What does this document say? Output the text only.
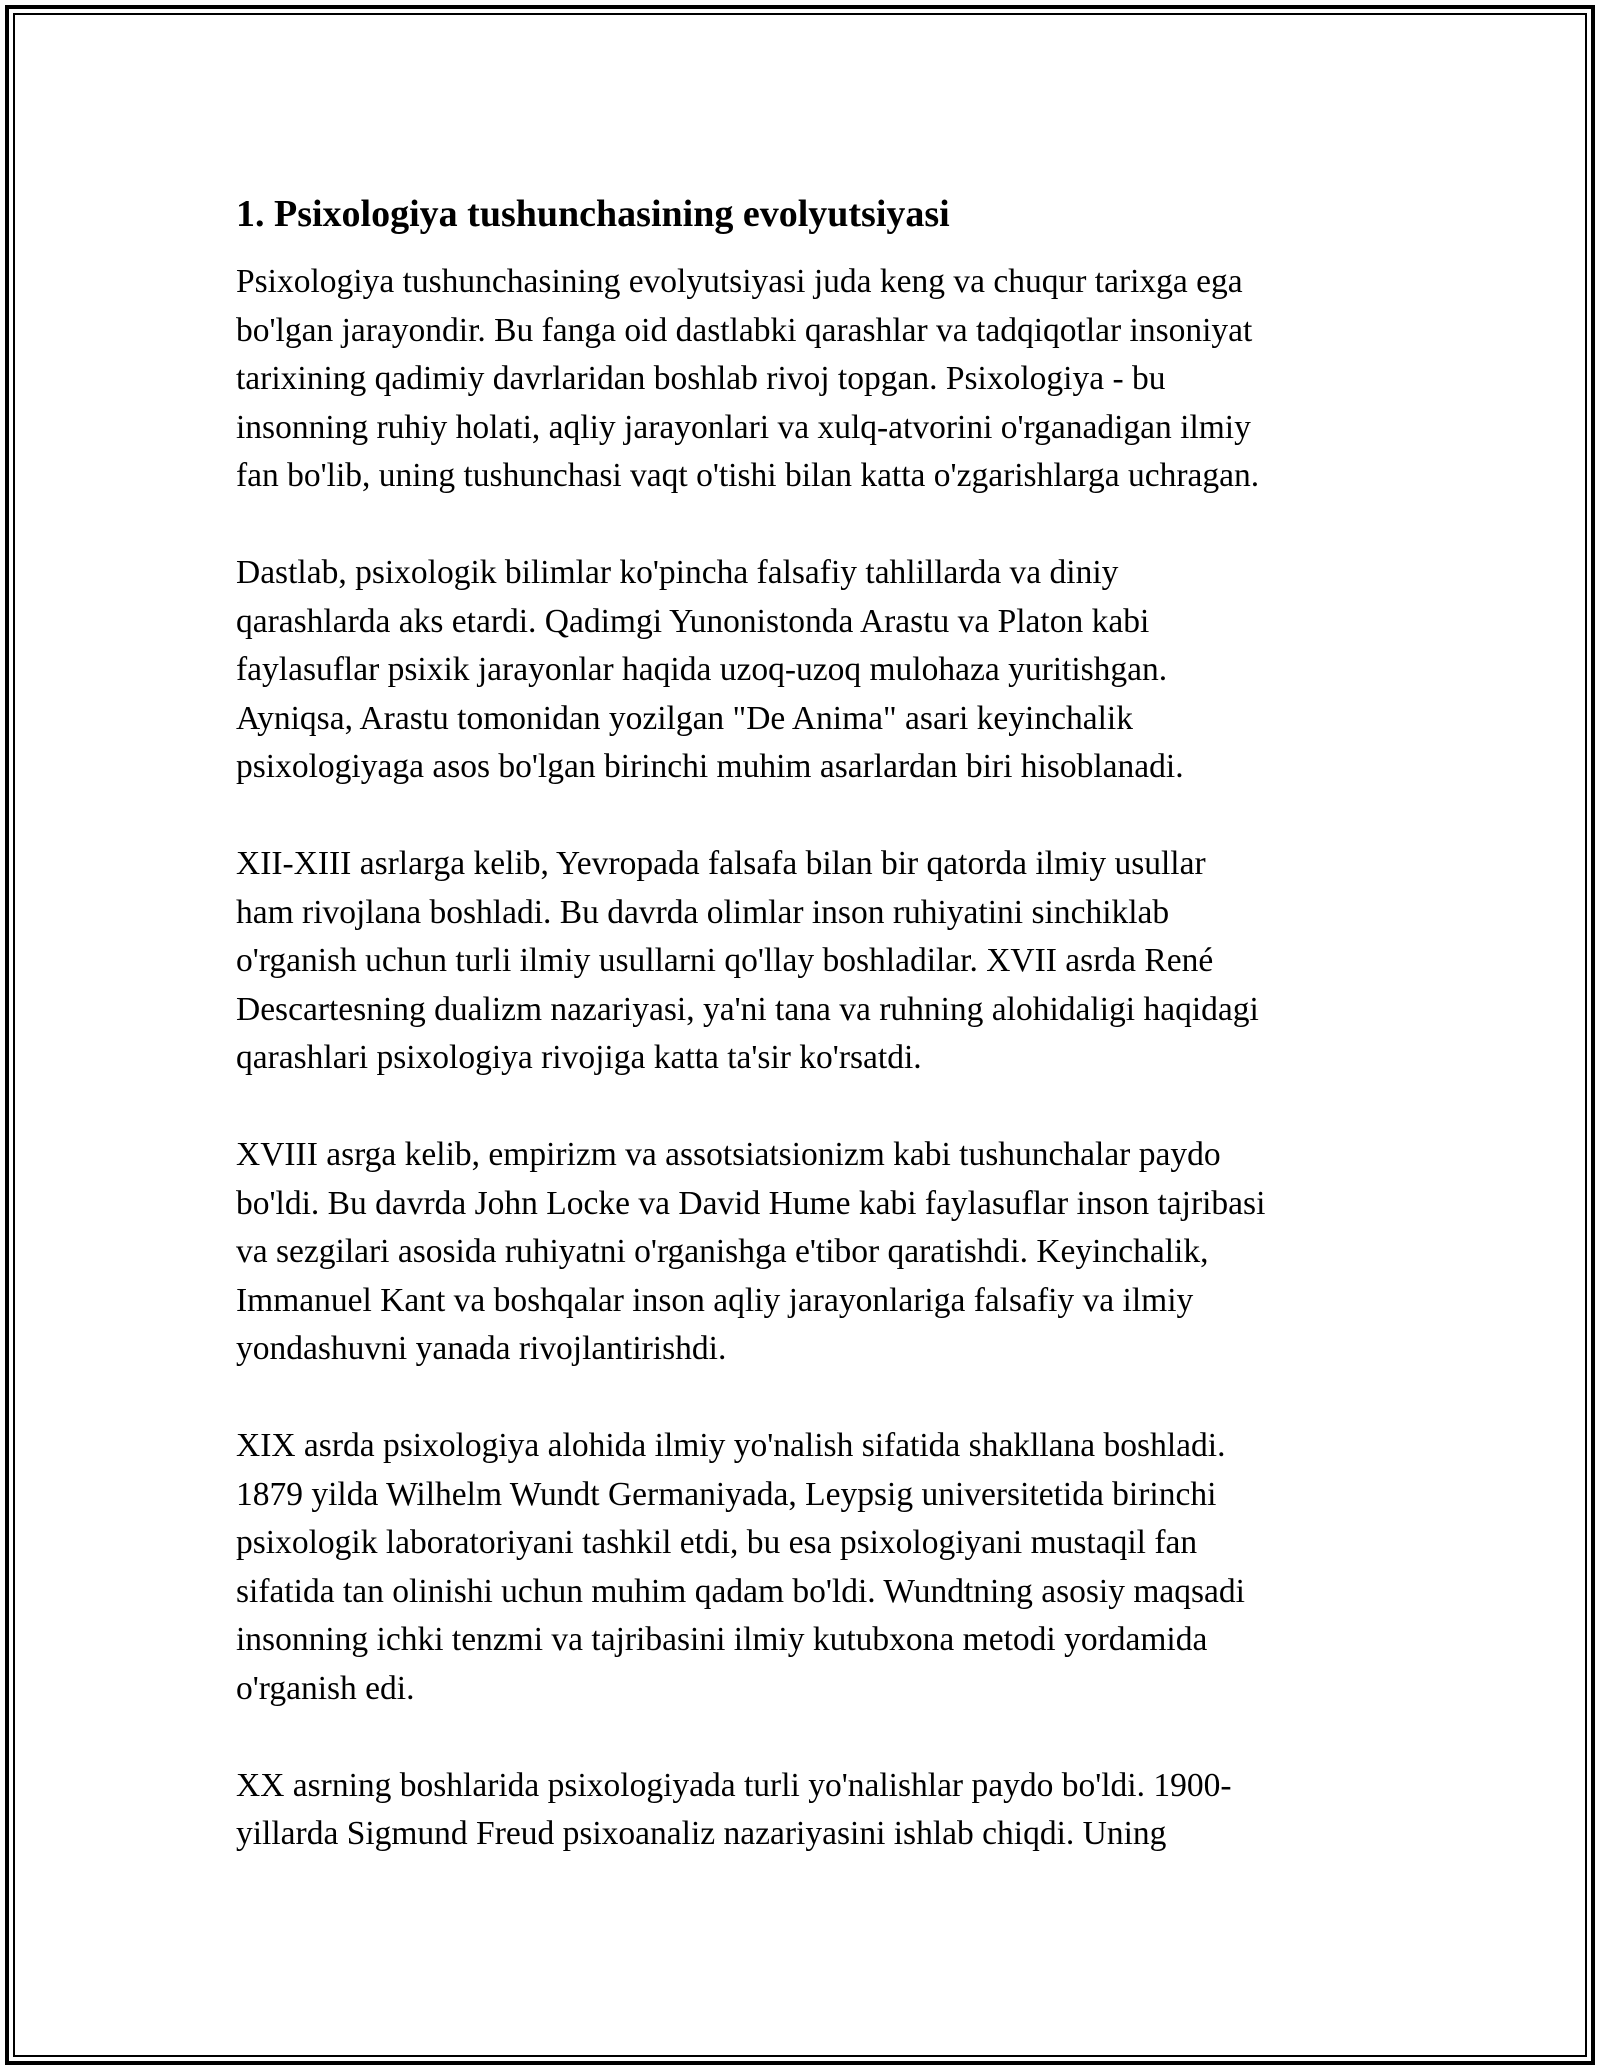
1. Psixologiya tushunchasining evolyutsiyasi

Psixologiya tushunchasining evolyutsiyasi juda keng va chuqur tarixga ega
bo'lgan jarayondir. Bu fanga oid dastlabki qarashlar va tadqiqotlar insoniyat
tarixining qadimiy davrlaridan boshlab rivoj topgan. Psixologiya - bu
insonning ruhiy holati, aqliy jarayonlari va xulq-atvorini o'rganadigan ilmiy
fan bo'lib, uning tushunchasi vaqt o'tishi bilan katta o'zgarishlarga uchragan.

Dastlab, psixologik bilimlar ko'pincha falsafiy tahlillarda va diniy
qarashlarda aks etardi. Qadimgi Yunonistonda Arastu va Platon kabi
faylasuflar psixik jarayonlar haqida uzoq-uzoq mulohaza yuritishgan.
Ayniqsa, Arastu tomonidan yozilgan "De Anima" asari keyinchalik
psixologiyaga asos bo'lgan birinchi muhim asarlardan biri hisoblanadi.

XII-XIII asrlarga kelib, Yevropada falsafa bilan bir qatorda ilmiy usullar
ham rivojlana boshladi. Bu davrda olimlar inson ruhiyatini sinchiklab
o'rganish uchun turli ilmiy usullarni qo'llay boshladilar. XVII asrda René
Descartesning dualizm nazariyasi, ya'ni tana va ruhning alohidaligi haqidagi
qarashlari psixologiya rivojiga katta ta'sir ko'rsatdi.

XVIII asrga kelib, empirizm va assotsiatsionizm kabi tushunchalar paydo
bo'ldi. Bu davrda John Locke va David Hume kabi faylasuflar inson tajribasi
va sezgilari asosida ruhiyatni o'rganishga e'tibor qaratishdi. Keyinchalik,
Immanuel Kant va boshqalar inson aqliy jarayonlariga falsafiy va ilmiy
yondashuvni yanada rivojlantirishdi.

XIX asrda psixologiya alohida ilmiy yo'nalish sifatida shakllana boshladi.
1879 yilda Wilhelm Wundt Germaniyada, Leypsig universitetida birinchi
psixologik laboratoriyani tashkil etdi, bu esa psixologiyani mustaqil fan
sifatida tan olinishi uchun muhim qadam bo'ldi. Wundtning asosiy maqsadi
insonning ichki tenzmi va tajribasini ilmiy kutubxona metodi yordamida
o'rganish edi.

XX asrning boshlarida psixologiyada turli yo'nalishlar paydo bo'ldi. 1900-
yillarda Sigmund Freud psixoanaliz nazariyasini ishlab chiqdi. Uning
